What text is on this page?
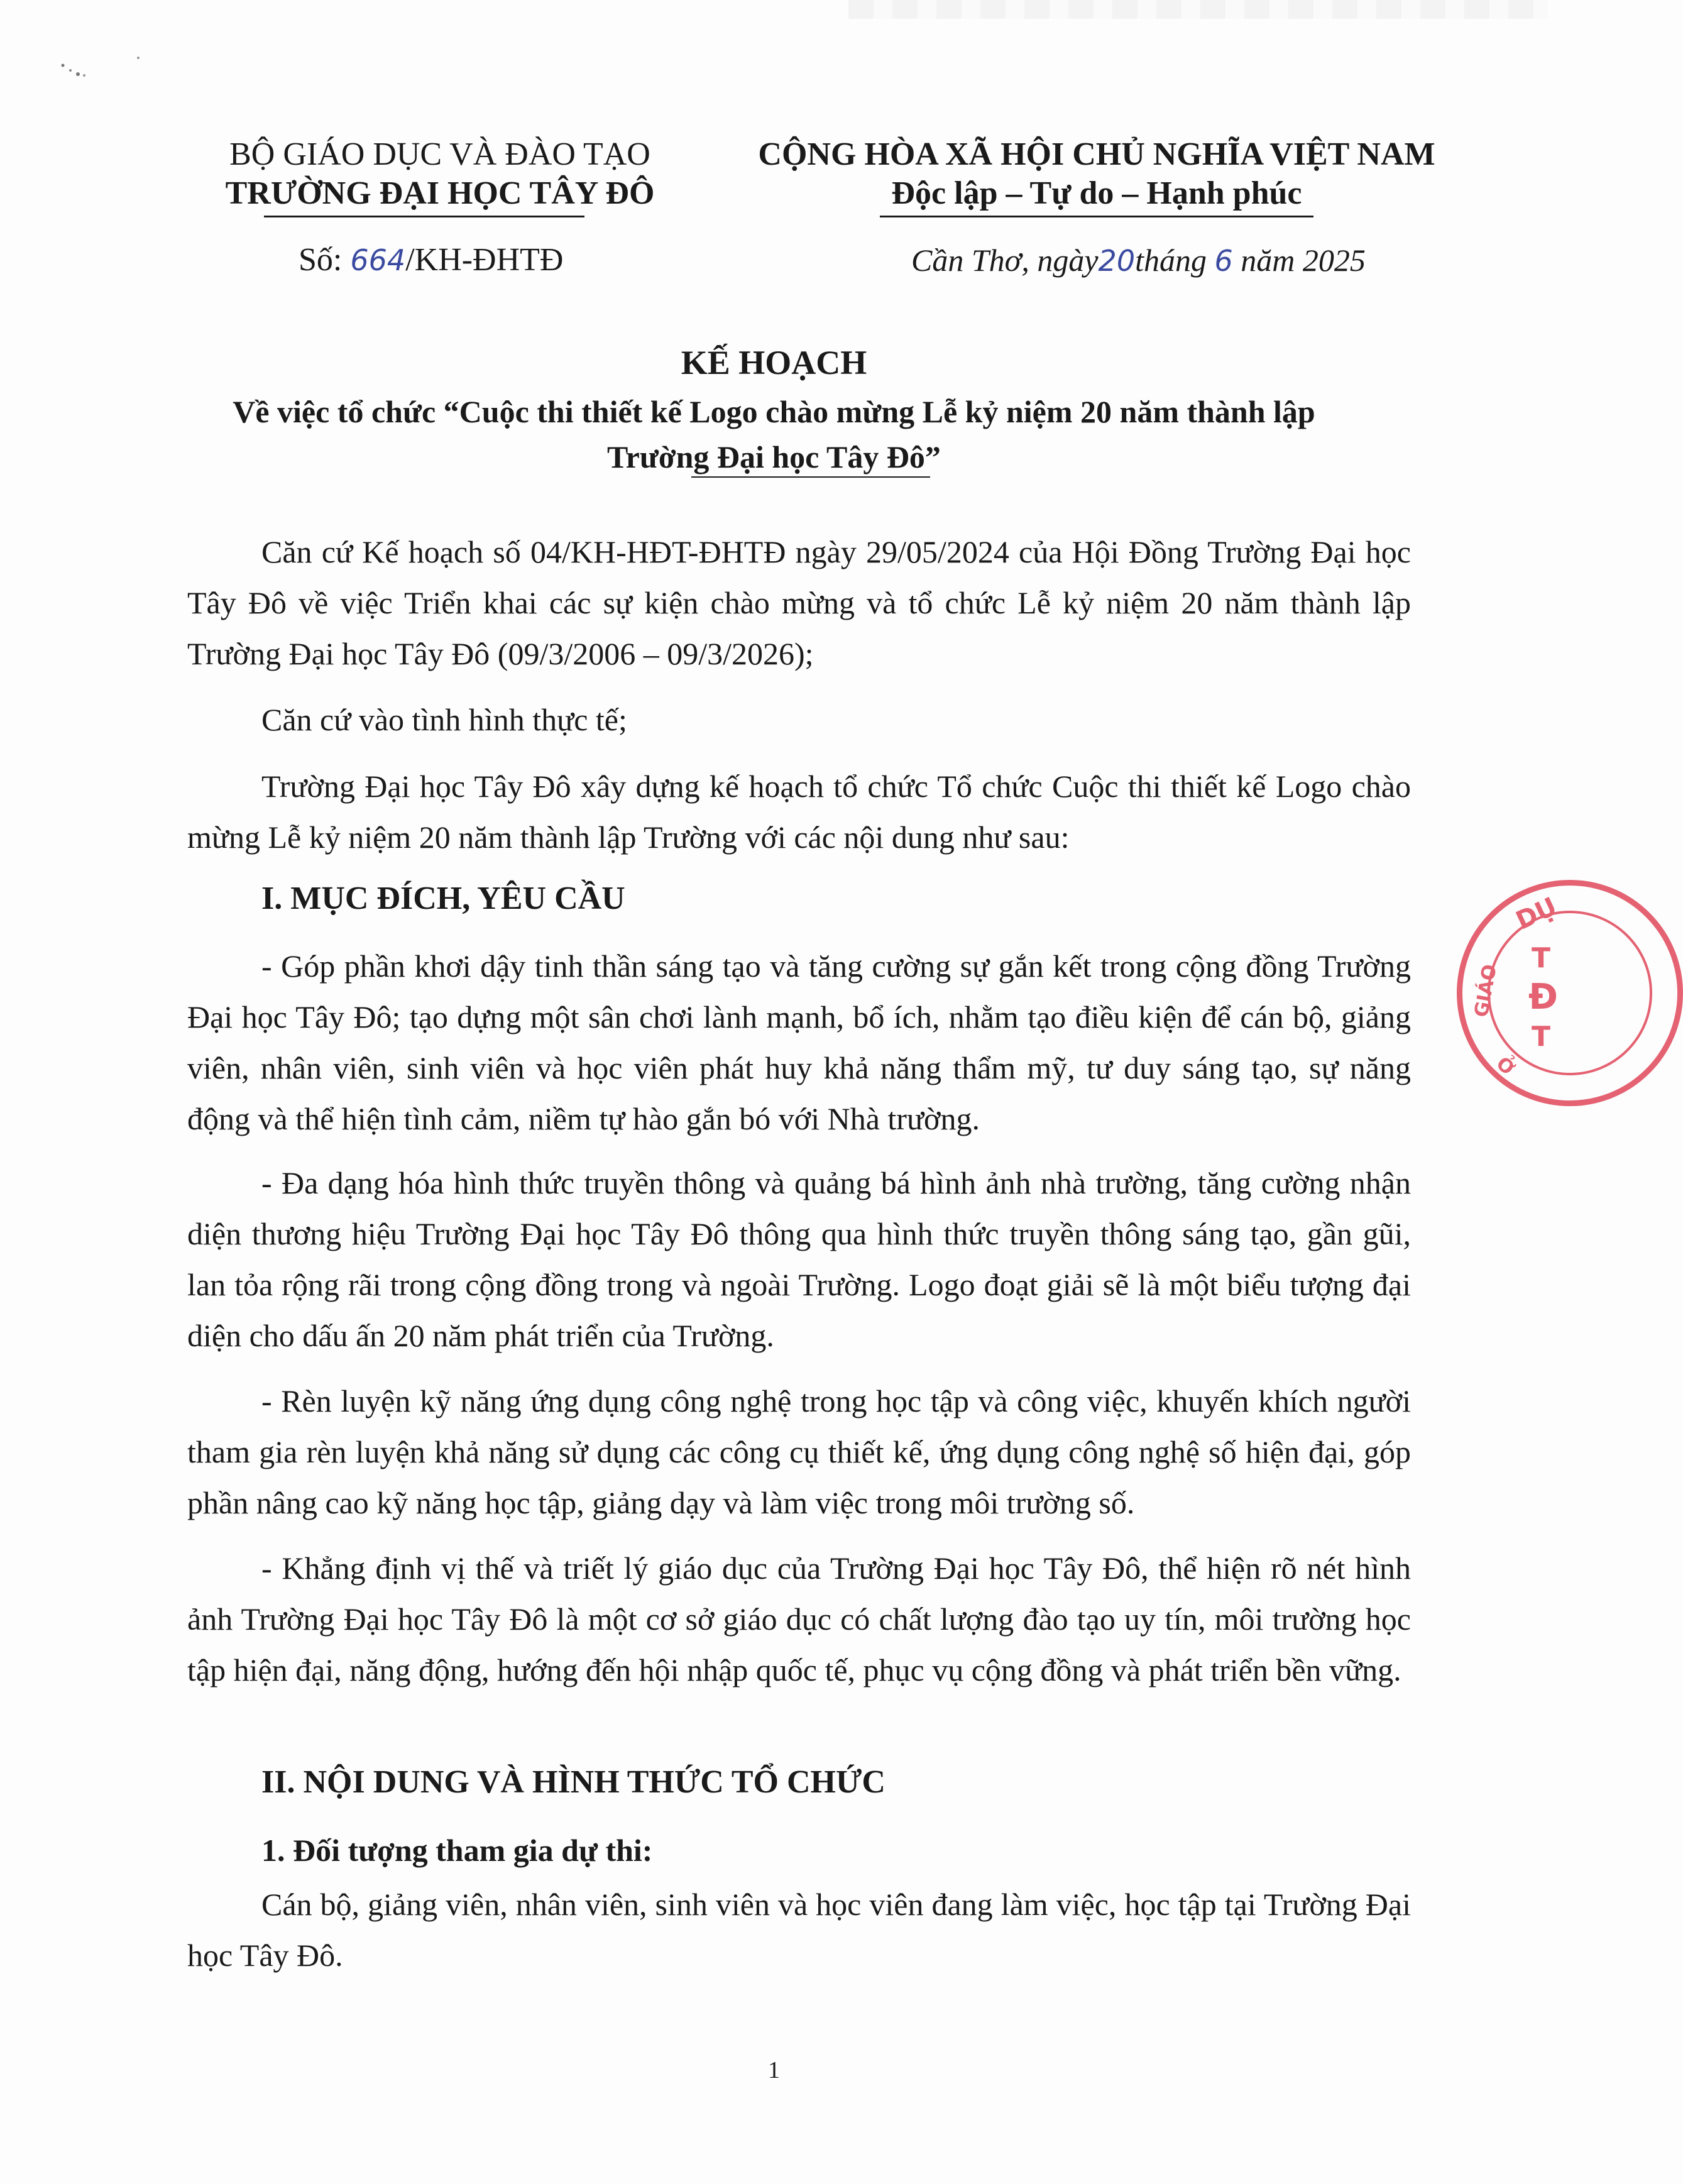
BỘ GIÁO DỤC VÀ ĐÀO TẠO
TRƯỜNG ĐẠI HỌC TÂY ĐÔ
Số: 664/KH-ĐHTĐ
CỘNG HÒA XÃ HỘI CHỦ NGHĨA VIỆT NAM
Độc lập – Tự do – Hạnh phúc
Cần Thơ, ngày20tháng 6 năm 2025
KẾ HOẠCH
Về việc tổ chức “Cuộc thi thiết kế Logo chào mừng Lễ kỷ niệm 20 năm thành lập
Trường Đại học Tây Đô”
Căn cứ Kế hoạch số 04/KH-HĐT-ĐHTĐ ngày 29/05/2024 của Hội Đồng Trường Đại học Tây Đô về việc Triển khai các sự kiện chào mừng và tổ chức Lễ kỷ niệm 20 năm thành lập Trường Đại học Tây Đô (09/3/2006 – 09/3/2026);
Căn cứ vào tình hình thực tế;
Trường Đại học Tây Đô xây dựng kế hoạch tổ chức Tổ chức Cuộc thi thiết kế Logo chào mừng Lễ kỷ niệm 20 năm thành lập Trường với các nội dung như sau:
I. MỤC ĐÍCH, YÊU CẦU
- Góp phần khơi dậy tinh thần sáng tạo và tăng cường sự gắn kết trong cộng đồng Trường Đại học Tây Đô; tạo dựng một sân chơi lành mạnh, bổ ích, nhằm tạo điều kiện để cán bộ, giảng viên, nhân viên, sinh viên và học viên phát huy khả năng thẩm mỹ, tư duy sáng tạo, sự năng động và thể hiện tình cảm, niềm tự hào gắn bó với Nhà trường.
- Đa dạng hóa hình thức truyền thông và quảng bá hình ảnh nhà trường, tăng cường nhận diện thương hiệu Trường Đại học Tây Đô thông qua hình thức truyền thông sáng tạo, gần gũi, lan tỏa rộng rãi trong cộng đồng trong và ngoài Trường. Logo đoạt giải sẽ là một biểu tượng đại diện cho dấu ấn 20 năm phát triển của Trường.
- Rèn luyện kỹ năng ứng dụng công nghệ trong học tập và công việc, khuyến khích người tham gia rèn luyện khả năng sử dụng các công cụ thiết kế, ứng dụng công nghệ số hiện đại, góp phần nâng cao kỹ năng học tập, giảng dạy và làm việc trong môi trường số.
- Khẳng định vị thế và triết lý giáo dục của Trường Đại học Tây Đô, thể hiện rõ nét hình ảnh Trường Đại học Tây Đô là một cơ sở giáo dục có chất lượng đào tạo uy tín, môi trường học tập hiện đại, năng động, hướng đến hội nhập quốc tế, phục vụ cộng đồng và phát triển bền vững.
II. NỘI DUNG VÀ HÌNH THỨC TỔ CHỨC
1. Đối tượng tham gia dự thi:
Cán bộ, giảng viên, nhân viên, sinh viên và học viên đang làm việc, học tập tại Trường Đại học Tây Đô.
1
DỤ
GIÁO
T
Đ
T
Ở
